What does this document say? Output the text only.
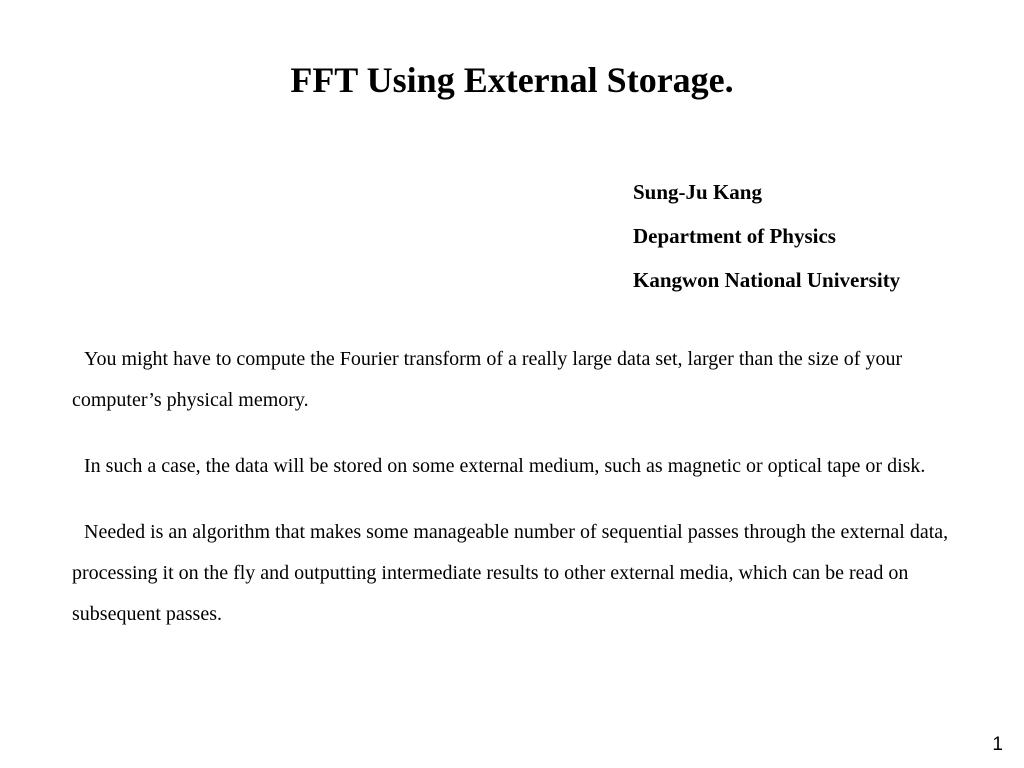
FFT Using External Storage.
Sung-Ju Kang
Department of Physics
Kangwon National University

You might have to compute the Fourier transform of a really large data set, larger than the size of your computer’s physical memory.

In such a case, the data will be stored on some external medium, such as magnetic or optical tape or disk.

Needed is an algorithm that makes some manageable number of sequential passes through the external data, processing it on the fly and outputting intermediate results to other external media, which can be read on subsequent passes.

1
